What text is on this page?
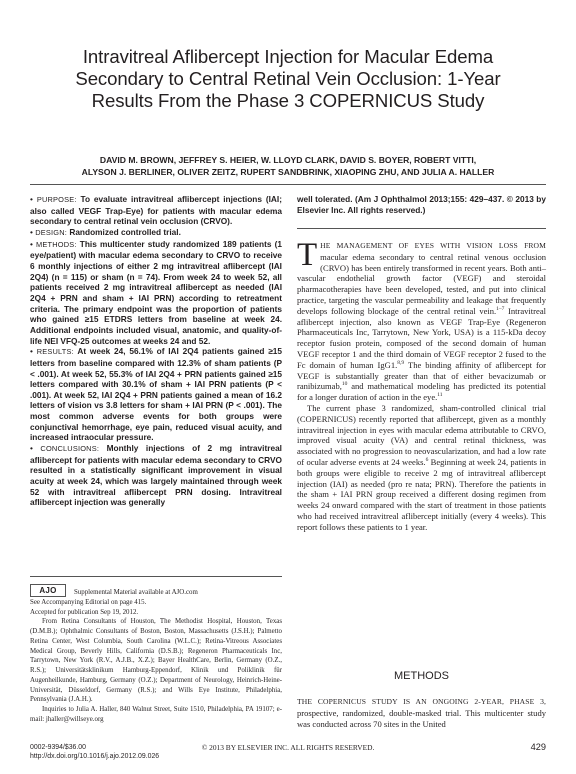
Intravitreal Aflibercept Injection for Macular Edema
Secondary to Central Retinal Vein Occlusion: 1-Year
Results From the Phase 3 COPERNICUS Study
DAVID M. BROWN, JEFFREY S. HEIER, W. LLOYD CLARK, DAVID S. BOYER, ROBERT VITTI,
ALYSON J. BERLINER, OLIVER ZEITZ, RUPERT SANDBRINK, XIAOPING ZHU, AND JULIA A. HALLER

• PURPOSE: To evaluate intravitreal aflibercept injections (IAI; also called VEGF Trap-Eye) for patients with macular edema secondary to central retinal vein occlusion (CRVO).

• DESIGN: Randomized controlled trial.

• METHODS: This multicenter study randomized 189 patients (1 eye/patient) with macular edema secondary to CRVO to receive 6 monthly injections of either 2 mg intravitreal aflibercept (IAI 2Q4) (n = 115) or sham (n = 74). From week 24 to week 52, all patients received 2 mg intravitreal aflibercept as needed (IAI 2Q4 + PRN and sham + IAI PRN) according to retreatment criteria. The primary endpoint was the proportion of patients who gained ≥15 ETDRS letters from baseline at week 24. Additional endpoints included visual, anatomic, and quality-of-life NEI VFQ-25 outcomes at weeks 24 and 52.

• RESULTS: At week 24, 56.1% of IAI 2Q4 patients gained ≥15 letters from baseline compared with 12.3% of sham patients (P < .001). At week 52, 55.3% of IAI 2Q4 + PRN patients gained ≥15 letters compared with 30.1% of sham + IAI PRN patients (P < .001). At week 52, IAI 2Q4 + PRN patients gained a mean of 16.2 letters of vision vs 3.8 letters for sham + IAI PRN (P < .001). The most common adverse events for both groups were conjunctival hemorrhage, eye pain, reduced visual acuity, and increased intraocular pressure.

• CONCLUSIONS: Monthly injections of 2 mg intravitreal aflibercept for patients with macular edema secondary to CRVO resulted in a statistically significant improvement in visual acuity at week 24, which was largely maintained through week 52 with intravitreal aflibercept PRN dosing. Intravitreal aflibercept injection was generally

AJO	Supplemental Material available at AJO.com

See Accompanying Editorial on page 415.

Accepted for publication Sep 19, 2012.

From Retina Consultants of Houston, The Methodist Hospital, Houston, Texas (D.M.B.); Ophthalmic Consultants of Boston, Boston, Massachusetts (J.S.H.); Palmetto Retina Center, West Columbia, South Carolina (W.L.C.); Retina-Vitreous Associates Medical Group, Beverly Hills, California (D.S.B.); Regeneron Pharmaceuticals Inc, Tarrytown, New York (R.V., A.J.B., X.Z.); Bayer HealthCare, Berlin, Germany (O.Z., R.S.); Universitätsklinikum Hamburg-Eppendorf, Klinik und Poliklinik für Augenheilkunde, Hamburg, Germany (O.Z.); Department of Neurology, Heinrich-Heine-Universität, Düsseldorf, Germany (R.S.); and Wills Eye Institute, Philadelphia, Pennsylvania (J.A.H.).

Inquiries to Julia A. Haller, 840 Walnut Street, Suite 1510, Philadelphia, PA 19107; e-mail: jhaller@willseye.org

well tolerated. (Am J Ophthalmol 2013;155: 429–437. © 2013 by Elsevier Inc. All rights reserved.)

THE MANAGEMENT OF EYES WITH VISION LOSS FROM macular edema secondary to central retinal venous occlusion (CRVO) has been entirely transformed in recent years. Both anti–vascular endothelial growth factor (VEGF) and steroidal pharmacotherapies have been developed, tested, and put into clinical practice, targeting the vascular permeability and leakage that frequently develops following blockage of the central retinal vein.$^{1-7}$ Intravitreal aflibercept injection, also known as VEGF Trap-Eye (Regeneron Pharmaceuticals Inc, Tarrytown, New York, USA) is a 115-kDa decoy receptor fusion protein, composed of the second domain of human VEGF receptor 1 and the third domain of VEGF receptor 2 fused to the Fc domain of human IgG1.$^{8,9}$ The binding affinity of aflibercept for VEGF is substantially greater than that of either bevacizumab or ranibizumab,$^{10}$ and mathematical modeling has predicted its potential for a longer duration of action in the eye.$^{11}$

The current phase 3 randomized, sham-controlled clinical trial (COPERNICUS) recently reported that aflibercept, given as a monthly intravitreal injection in eyes with macular edema attributable to CRVO, improved visual acuity (VA) and central retinal thickness, was associated with no progression to neovascularization, and had a low rate of ocular adverse events at 24 weeks.$^6$ Beginning at week 24, patients in both groups were eligible to receive 2 mg of intravitreal aflibercept injection (IAI) as needed (pro re nata; PRN). Therefore the patients in the sham + IAI PRN group received a different dosing regimen from weeks 24 onward compared with the start of treatment in those patients who had received intravitreal aflibercept initially (every 4 weeks). This report follows these patients to 1 year.

METHODS

THE COPERNICUS STUDY IS AN ONGOING 2-YEAR, PHASE 3, prospective, randomized, double-masked trial. This multicenter study was conducted across 70 sites in the United

0002-9394/$36.00
http://dx.doi.org/10.1016/j.ajo.2012.09.026
© 2013 BY ELSEVIER INC. ALL RIGHTS RESERVED.	429
